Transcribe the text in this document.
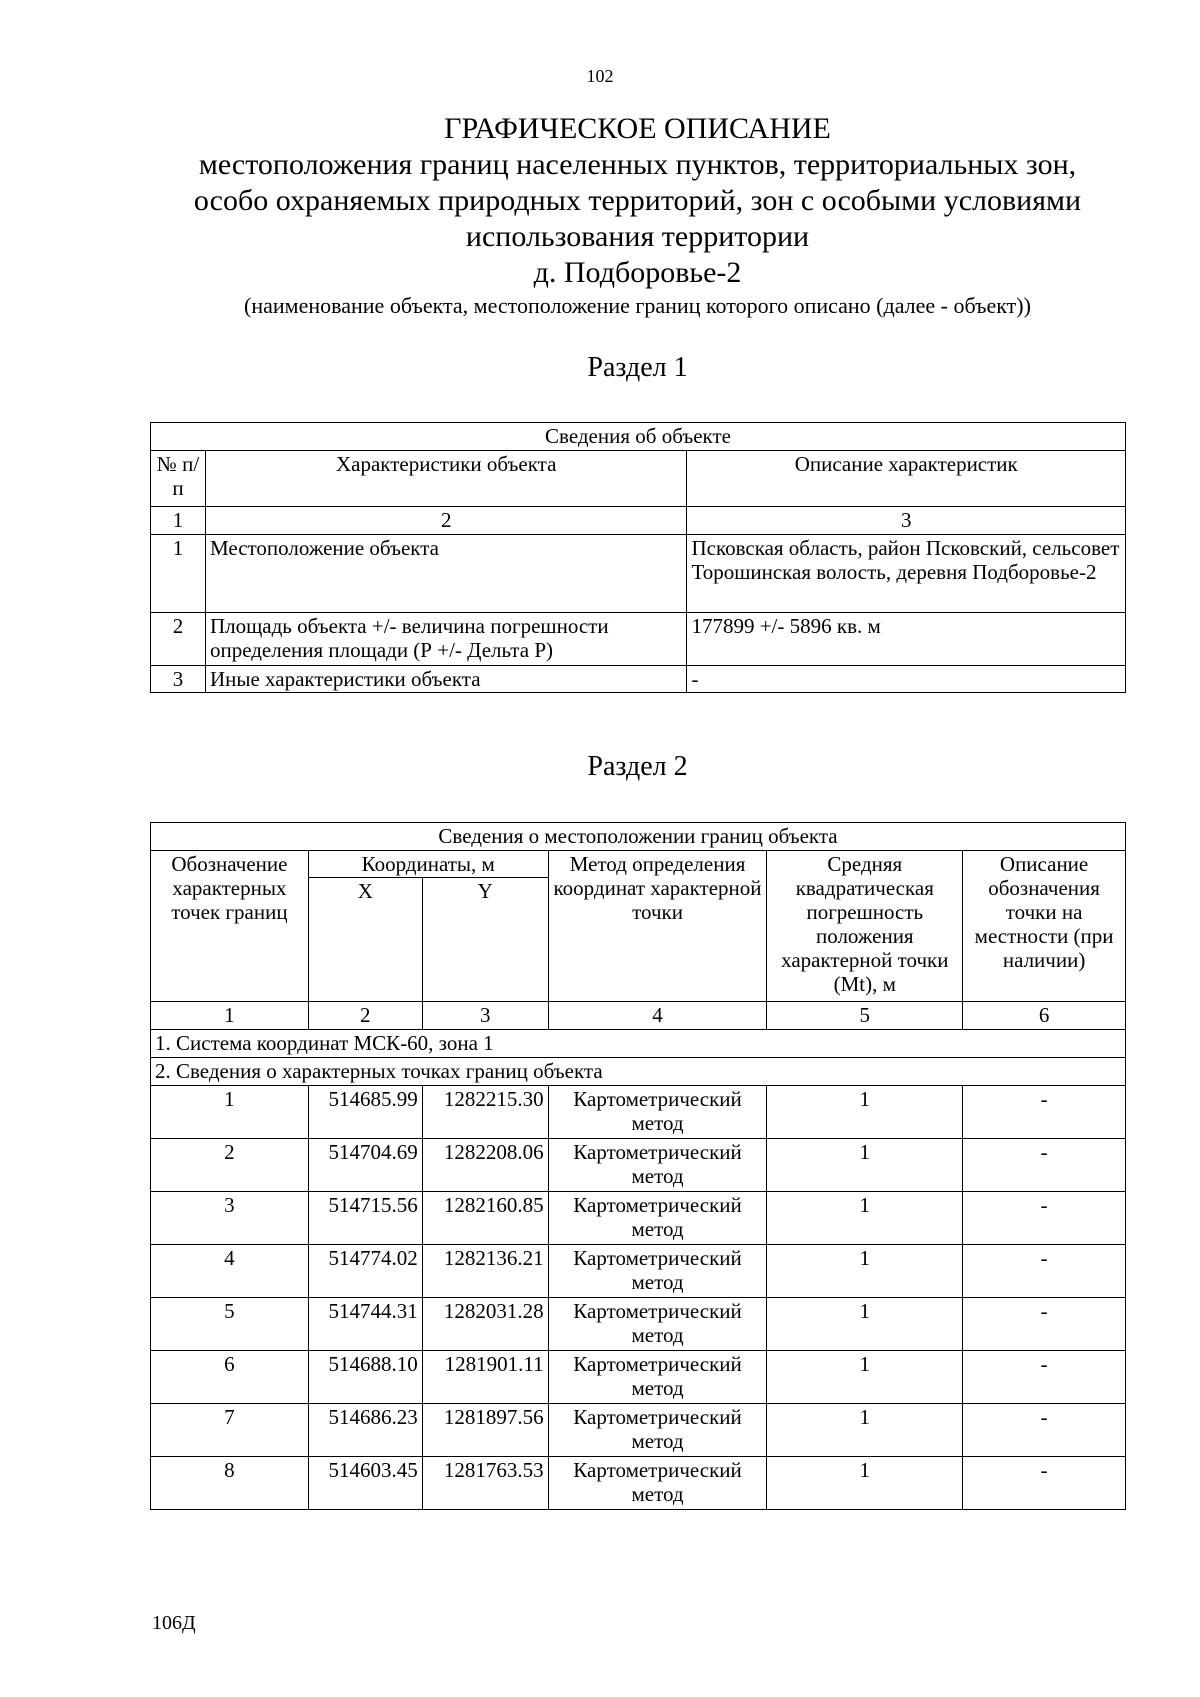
102
ГРАФИЧЕСКОЕ ОПИСАНИЕ
местоположения границ населенных пунктов, территориальных зон,
особо охраняемых природных территорий, зон с особыми условиями
использования территории
д. Подборовье-2
(наименование объекта, местоположение границ которого описано (далее - объект))
Раздел 1
Сведения об объекте		
№ п/п	Характеристики объекта	Описание характеристик
1	2	3
1	Местоположение объекта	Псковская область, район Псковский, сельсовет Торошинская волость, деревня Подборовье-2
2	Площадь объекта +/- величина погрешности определения площади (Р +/- Дельта Р)	177899 +/- 5896 кв. м
3	Иные характеристики объекта	-
Раздел 2
Сведения о местоположении границ объекта					
Обозначение характерных точек границ	Координаты, м		Метод определения координат характерной точки	Средняя квадратическая погрешность положения характерной точки (Mt), м	Описание обозначения точки на местности (при наличии)
	X	Y			
1	2	3	4	5	6
1. Система координат МСК-60, зона 1					
2. Сведения о характерных точках границ объекта					
1	514685.99	1282215.30	Картометрический метод	1	-
2	514704.69	1282208.06	Картометрический метод	1	-
3	514715.56	1282160.85	Картометрический метод	1	-
4	514774.02	1282136.21	Картометрический метод	1	-
5	514744.31	1282031.28	Картометрический метод	1	-
6	514688.10	1281901.11	Картометрический метод	1	-
7	514686.23	1281897.56	Картометрический метод	1	-
8	514603.45	1281763.53	Картометрический метод	1	-
106Д
